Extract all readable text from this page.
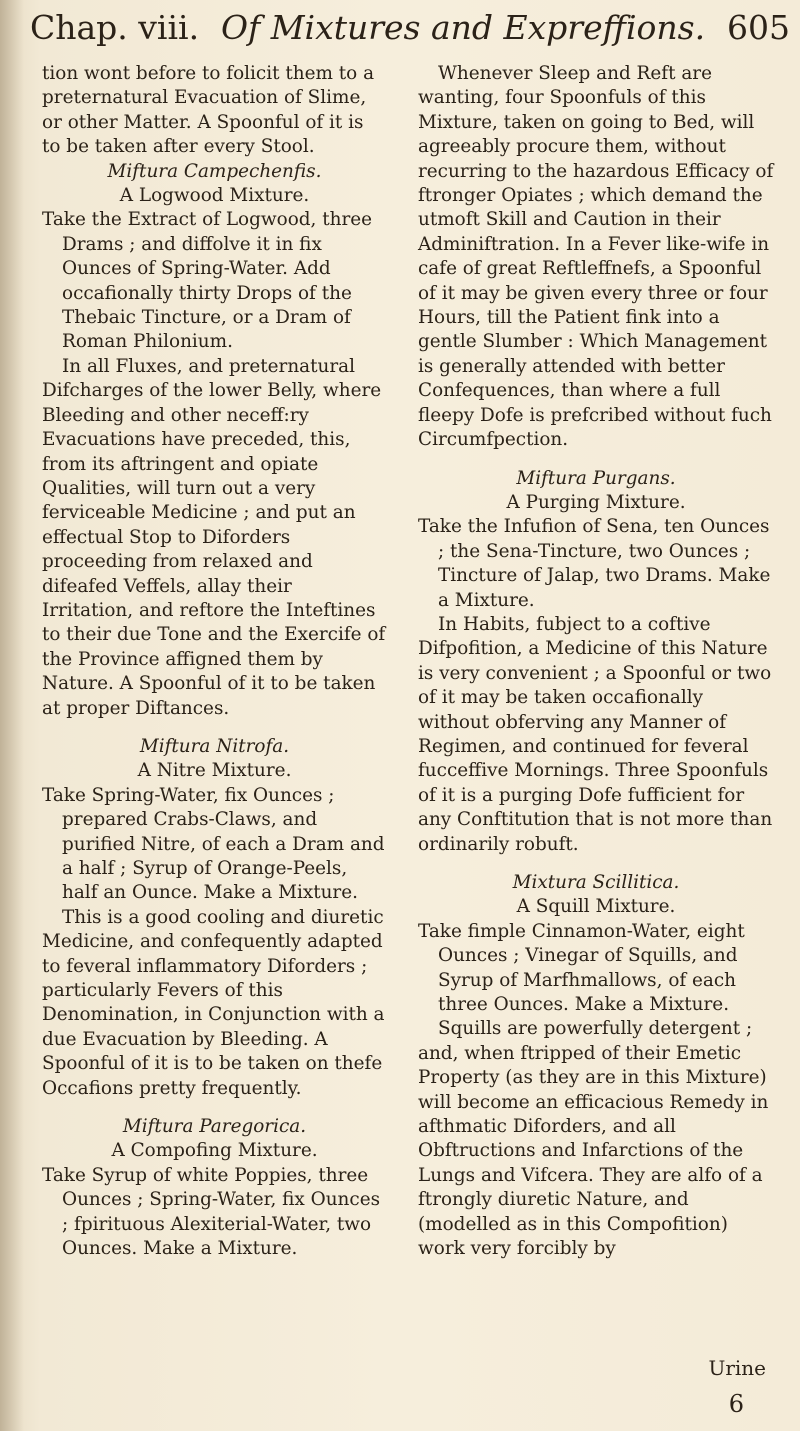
Chap. viii. Of Mixtures and Expreffions. 605

tion wont before to folicit them to a preternatural Evacuation of Slime, or other Matter. A Spoonful of it is to be taken after every Stool.

Miftura Campechenfis.

A Logwood Mixture.

Take the Extract of Logwood, three Drams ; and diffolve it in fix Ounces of Spring-Water. Add occafionally thirty Drops of the Thebaic Tincture, or a Dram of Roman Philonium.

In all Fluxes, and preternatural Difcharges of the lower Belly, where Bleeding and other neceff:ry Evacuations have preceded, this, from its aftringent and opiate Qualities, will turn out a very ferviceable Medicine ; and put an effectual Stop to Diforders proceeding from relaxed and difeafed Veffels, allay their Irritation, and reftore the Inteftines to their due Tone and the Exercife of the Province affigned them by Nature. A Spoonful of it to be taken at proper Diftances.

Miftura Nitrofa.

A Nitre Mixture.

Take Spring-Water, fix Ounces ; prepared Crabs-Claws, and purified Nitre, of each a Dram and a half ; Syrup of Orange-Peels, half an Ounce. Make a Mixture.

This is a good cooling and diuretic Medicine, and confequently adapted to feveral inflammatory Diforders ; particularly Fevers of this Denomination, in Conjunction with a due Evacuation by Bleeding. A Spoonful of it is to be taken on thefe Occafions pretty frequently.

Miftura Paregorica.

A Compofing Mixture.

Take Syrup of white Poppies, three Ounces ; Spring-Water, fix Ounces ; fpirituous Alexiterial-Water, two Ounces. Make a Mixture.

Whenever Sleep and Reft are wanting, four Spoonfuls of this Mixture, taken on going to Bed, will agreeably procure them, without recurring to the hazardous Efficacy of ftronger Opiates ; which demand the utmoft Skill and Caution in their Adminiftration. In a Fever like-wife in cafe of great Reftleffnefs, a Spoonful of it may be given every three or four Hours, till the Patient fink into a gentle Slumber : Which Management is generally attended with better Confequences, than where a full fleepy Dofe is prefcribed without fuch Circumfpection.

Miftura Purgans.

A Purging Mixture.

Take the Infufion of Sena, ten Ounces ; the Sena-Tincture, two Ounces ; Tincture of Jalap, two Drams. Make a Mixture.

In Habits, fubject to a coftive Difpofition, a Medicine of this Nature is very convenient ; a Spoonful or two of it may be taken occafionally without obferving any Manner of Regimen, and continued for feveral fucceffive Mornings. Three Spoonfuls of it is a purging Dofe fufficient for any Conftitution that is not more than ordinarily robuft.

Mixtura Scillitica.

A Squill Mixture.

Take fimple Cinnamon-Water, eight Ounces ; Vinegar of Squills, and Syrup of Marfhmallows, of each three Ounces. Make a Mixture.

Squills are powerfully detergent ; and, when ftripped of their Emetic Property (as they are in this Mixture) will become an efficacious Remedy in afthmatic Diforders, and all Obftructions and Infarctions of the Lungs and Vifcera. They are alfo of a ftrongly diuretic Nature, and (modelled as in this Compofition) work very forcibly by

Urine
6
